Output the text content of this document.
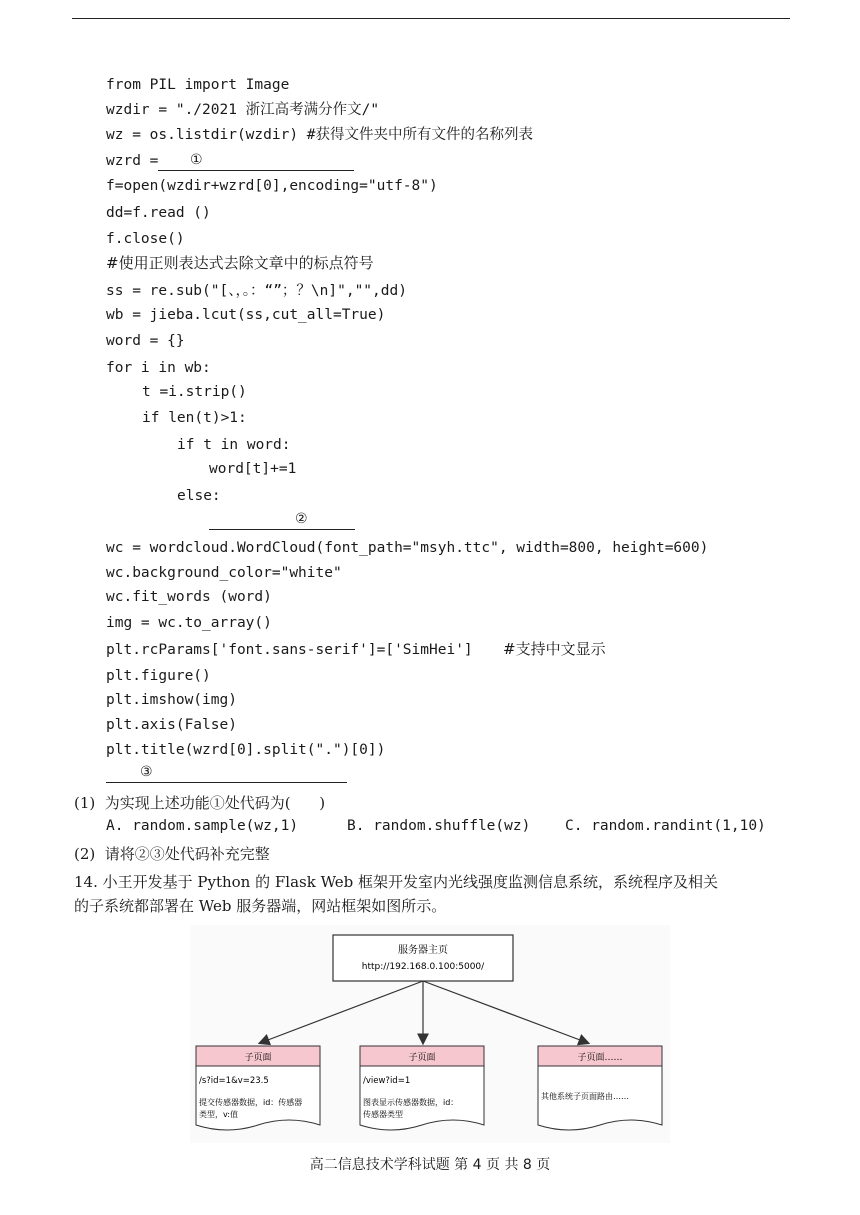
from PIL import Image
wzdir = "./2021 浙江高考满分作文/"
wz = os.listdir(wzdir) #获得文件夹中所有文件的名称列表
wzrd = ①
f=open(wzdir+wzrd[0],encoding="utf-8")
dd=f.read ()
f.close()
#使用正则表达式去除文章中的标点符号
ss = re.sub("[、，。：“”；？\n]","",dd)
wb = jieba.lcut(ss,cut_all=True)
word = {}
for i in wb:
t =i.strip()
if len(t)>1:
if t in word:
word[t]+=1
else:
②
wc = wordcloud.WordCloud(font_path="msyh.ttc", width=800, height=600)
wc.background_color="white"
wc.fit_words (word)
img = wc.to_array()
plt.rcParams['font.sans-serif']=['SimHei'] #支持中文显示
plt.figure()
plt.imshow(img)
plt.axis(False)
plt.title(wzrd[0].split(".")[0])
③
(1)  为实现上述功能①处代码为(      )
A. random.sample(wz,1)	B. random.shuffle(wz) C. random.randint(1,10)
(2)  请将②③处代码补充完整
14. 小王开发基于 Python 的 Flask Web 框架开发室内光线强度监测信息系统，系统程序及相关
的子系统都部署在 Web 服务器端，网站框架如图所示。
服务器主页
http://192.168.0.100:5000/
子页面
/s?id=1&v=23.5
提交传感器数据，id：传感器
类型，v:值
子页面
/view?id=1
图表显示传感器数据，id：
传感器类型
子页面……
其他系统子页面路由……
高二信息技术学科试题 第 4 页 共 8 页
